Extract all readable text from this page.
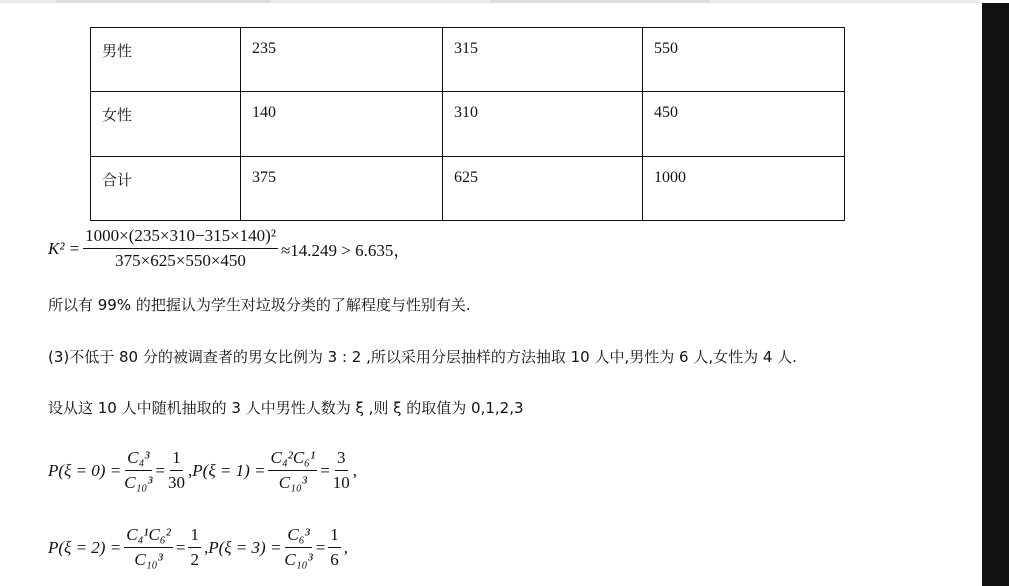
男性	235	315	550
女性	140	310	450
合计	375	625	1000
$K^2 = \frac{\text{1000×(235×310−315×140)²}}{375\times 625\times 550\times 450} \approx 14.249 > 6.635$，
所以有 99% 的把握认为学生对垃圾分类的了解程度与性别有关.
(3)不低于 80 分的被调查者的男女比例为 3 : 2 ,所以采用分层抽样的方法抽取 10 人中,男性为 6 人,女性为 4 人.
设从这 10 人中随机抽取的 3 人中男性人数为 ξ ,则 ξ 的取值为 0,1,2,3
$P(\xi = 0) = \frac{\text{C₄³}}{\text{C₁₀³}} = \frac{1}{30}$ , $P(\xi = 1) = \frac{\text{C₄²C₆¹}}{\text{C₁₀³}} = \frac{3}{10}$ ,
$P(\xi = 2) = \frac{\text{C₄¹C₆²}}{\text{C₁₀³}} = \frac{1}{2}$ , $P(\xi = 3) = \frac{\text{C₆³}}{\text{C₁₀³}} = \frac{1}{6}$ ,
